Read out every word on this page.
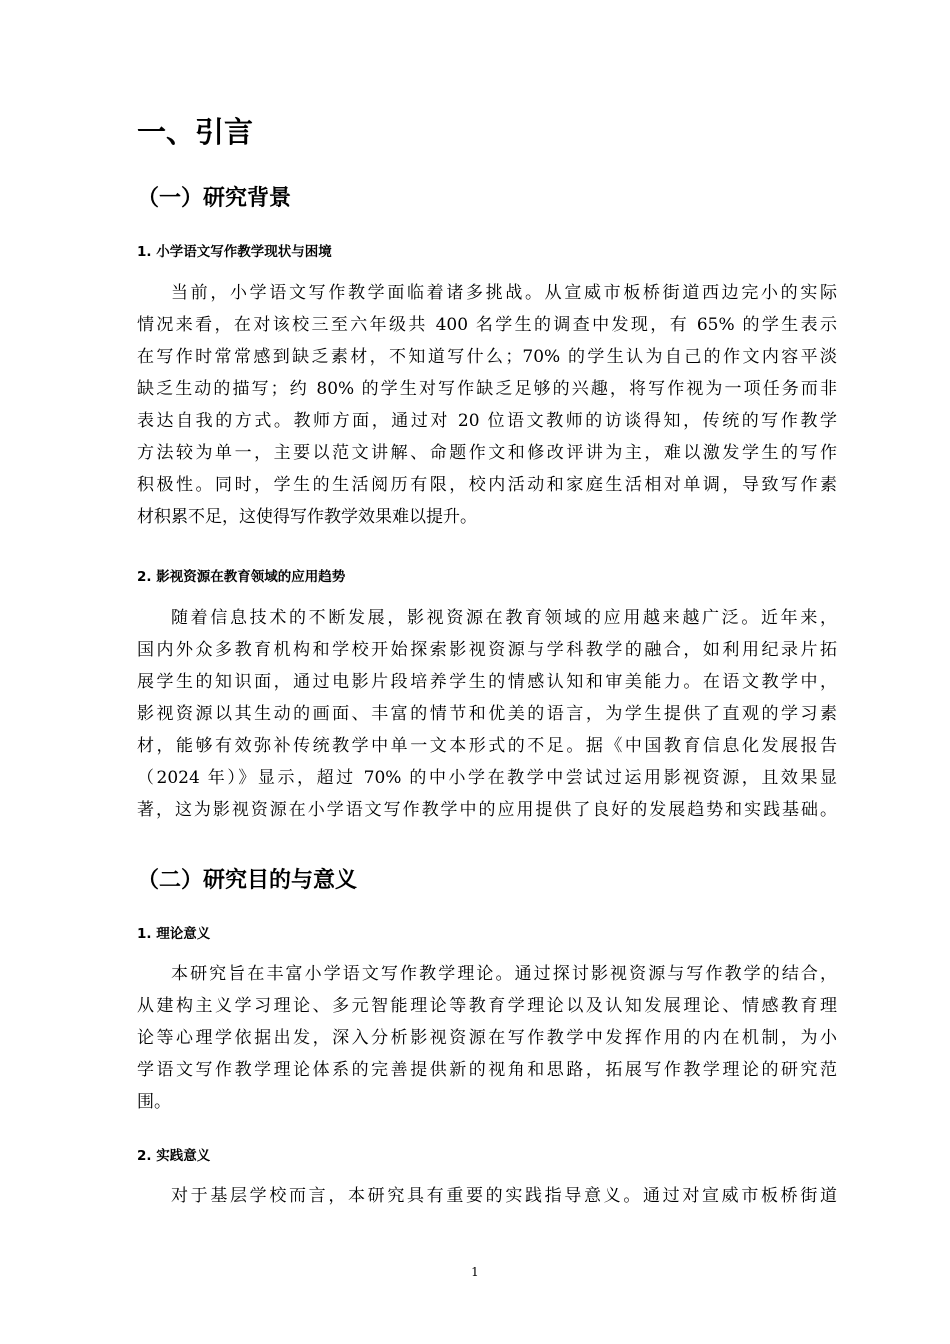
一、引言
（一）研究背景
1. 小学语文写作教学现状与困境
当前，小学语文写作教学面临着诸多挑战。从宣威市板桥街道西边完小的实际
情况来看，在对该校三至六年级共 400 名学生的调查中发现，有 65% 的学生表示
在写作时常常感到缺乏素材，不知道写什么；70% 的学生认为自己的作文内容平淡
缺乏生动的描写；约 80% 的学生对写作缺乏足够的兴趣，将写作视为一项任务而非
表达自我的方式。教师方面，通过对 20 位语文教师的访谈得知，传统的写作教学
方法较为单一，主要以范文讲解、命题作文和修改评讲为主，难以激发学生的写作
积极性。同时，学生的生活阅历有限，校内活动和家庭生活相对单调，导致写作素
材积累不足，这使得写作教学效果难以提升。
2. 影视资源在教育领域的应用趋势
随着信息技术的不断发展，影视资源在教育领域的应用越来越广泛。近年来，
国内外众多教育机构和学校开始探索影视资源与学科教学的融合，如利用纪录片拓
展学生的知识面，通过电影片段培养学生的情感认知和审美能力。在语文教学中，
影视资源以其生动的画面、丰富的情节和优美的语言，为学生提供了直观的学习素
材，能够有效弥补传统教学中单一文本形式的不足。据《中国教育信息化发展报告
（2024 年）》显示，超过 70% 的中小学在教学中尝试过运用影视资源，且效果显
著，这为影视资源在小学语文写作教学中的应用提供了良好的发展趋势和实践基础。
（二）研究目的与意义
1. 理论意义
本研究旨在丰富小学语文写作教学理论。通过探讨影视资源与写作教学的结合，
从建构主义学习理论、多元智能理论等教育学理论以及认知发展理论、情感教育理
论等心理学依据出发，深入分析影视资源在写作教学中发挥作用的内在机制，为小
学语文写作教学理论体系的完善提供新的视角和思路，拓展写作教学理论的研究范
围。
2. 实践意义
对于基层学校而言，本研究具有重要的实践指导意义。通过对宣威市板桥街道
1
